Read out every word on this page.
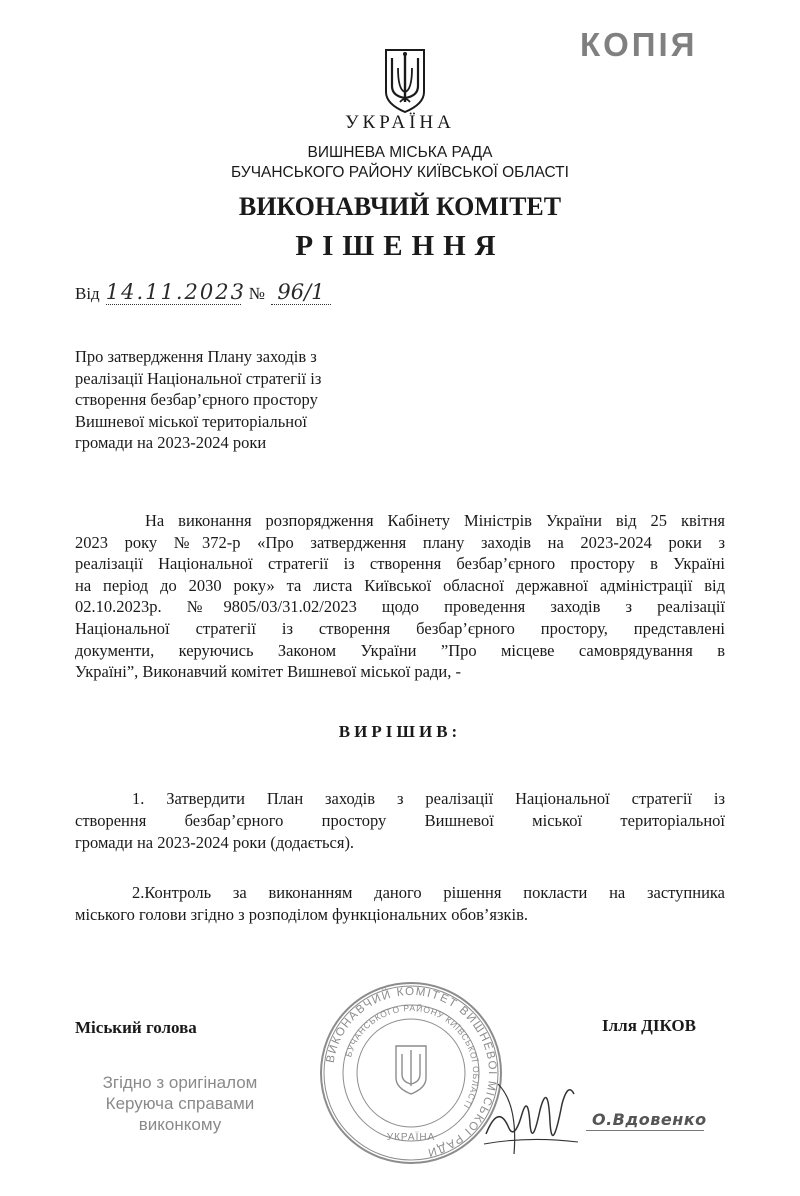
КОПІЯ
УКРАЇНА
ВИШНЕВА МІСЬКА РАДА
БУЧАНСЬКОГО РАЙОНУ КИЇВСЬКОЇ ОБЛАСТІ
ВИКОНАВЧИЙ КОМІТЕТ
РІШЕННЯ
Від 14.11.2023 № 96/1
Про затвердження Плану заходів з
реалізації Національної стратегії із
створення безбар’єрного простору
Вишневої міської територіальної
громади на 2023-2024 роки
На виконання розпорядження Кабінету Міністрів України від 25 квітня
2023 року №372-р «Про затвердження плану заходів на 2023-2024 роки з
реалізації Національної стратегії із створення безбар’єрного простору в Україні
на період до 2030 року» та листа Київської обласної державної адміністрації від
02.10.2023р. №9805/03/31.02/2023 щодо проведення заходів з реалізації
Національної стратегії із створення безбар’єрного простору, представлені
документи, керуючись Законом України ”Про місцеве самоврядування в
Україні”, Виконавчий комітет Вишневої міської ради, -
ВИРІШИВ:
1. Затвердити План заходів з реалізації Національної стратегії із
створення безбар’єрного простору Вишневої міської територіальної
громади на 2023-2024 роки (додається).
2.Контроль за виконанням даного рішення покласти на заступника
міського голови згідно з розподілом функціональних обов’язків.
Міський голова	Ілля ДІКОВ
ВИКОНАВЧИЙ КОМІТЕТ ВИШНЕВОЇ МІСЬКОЇ РАДИ
БУЧАНСЬКОГО РАЙОНУ КИЇВСЬКОЇ ОБЛАСТІ
УКРАЇНА
Згідно з оригіналом
Керуюча справами
виконкому	О.Вдовенко
